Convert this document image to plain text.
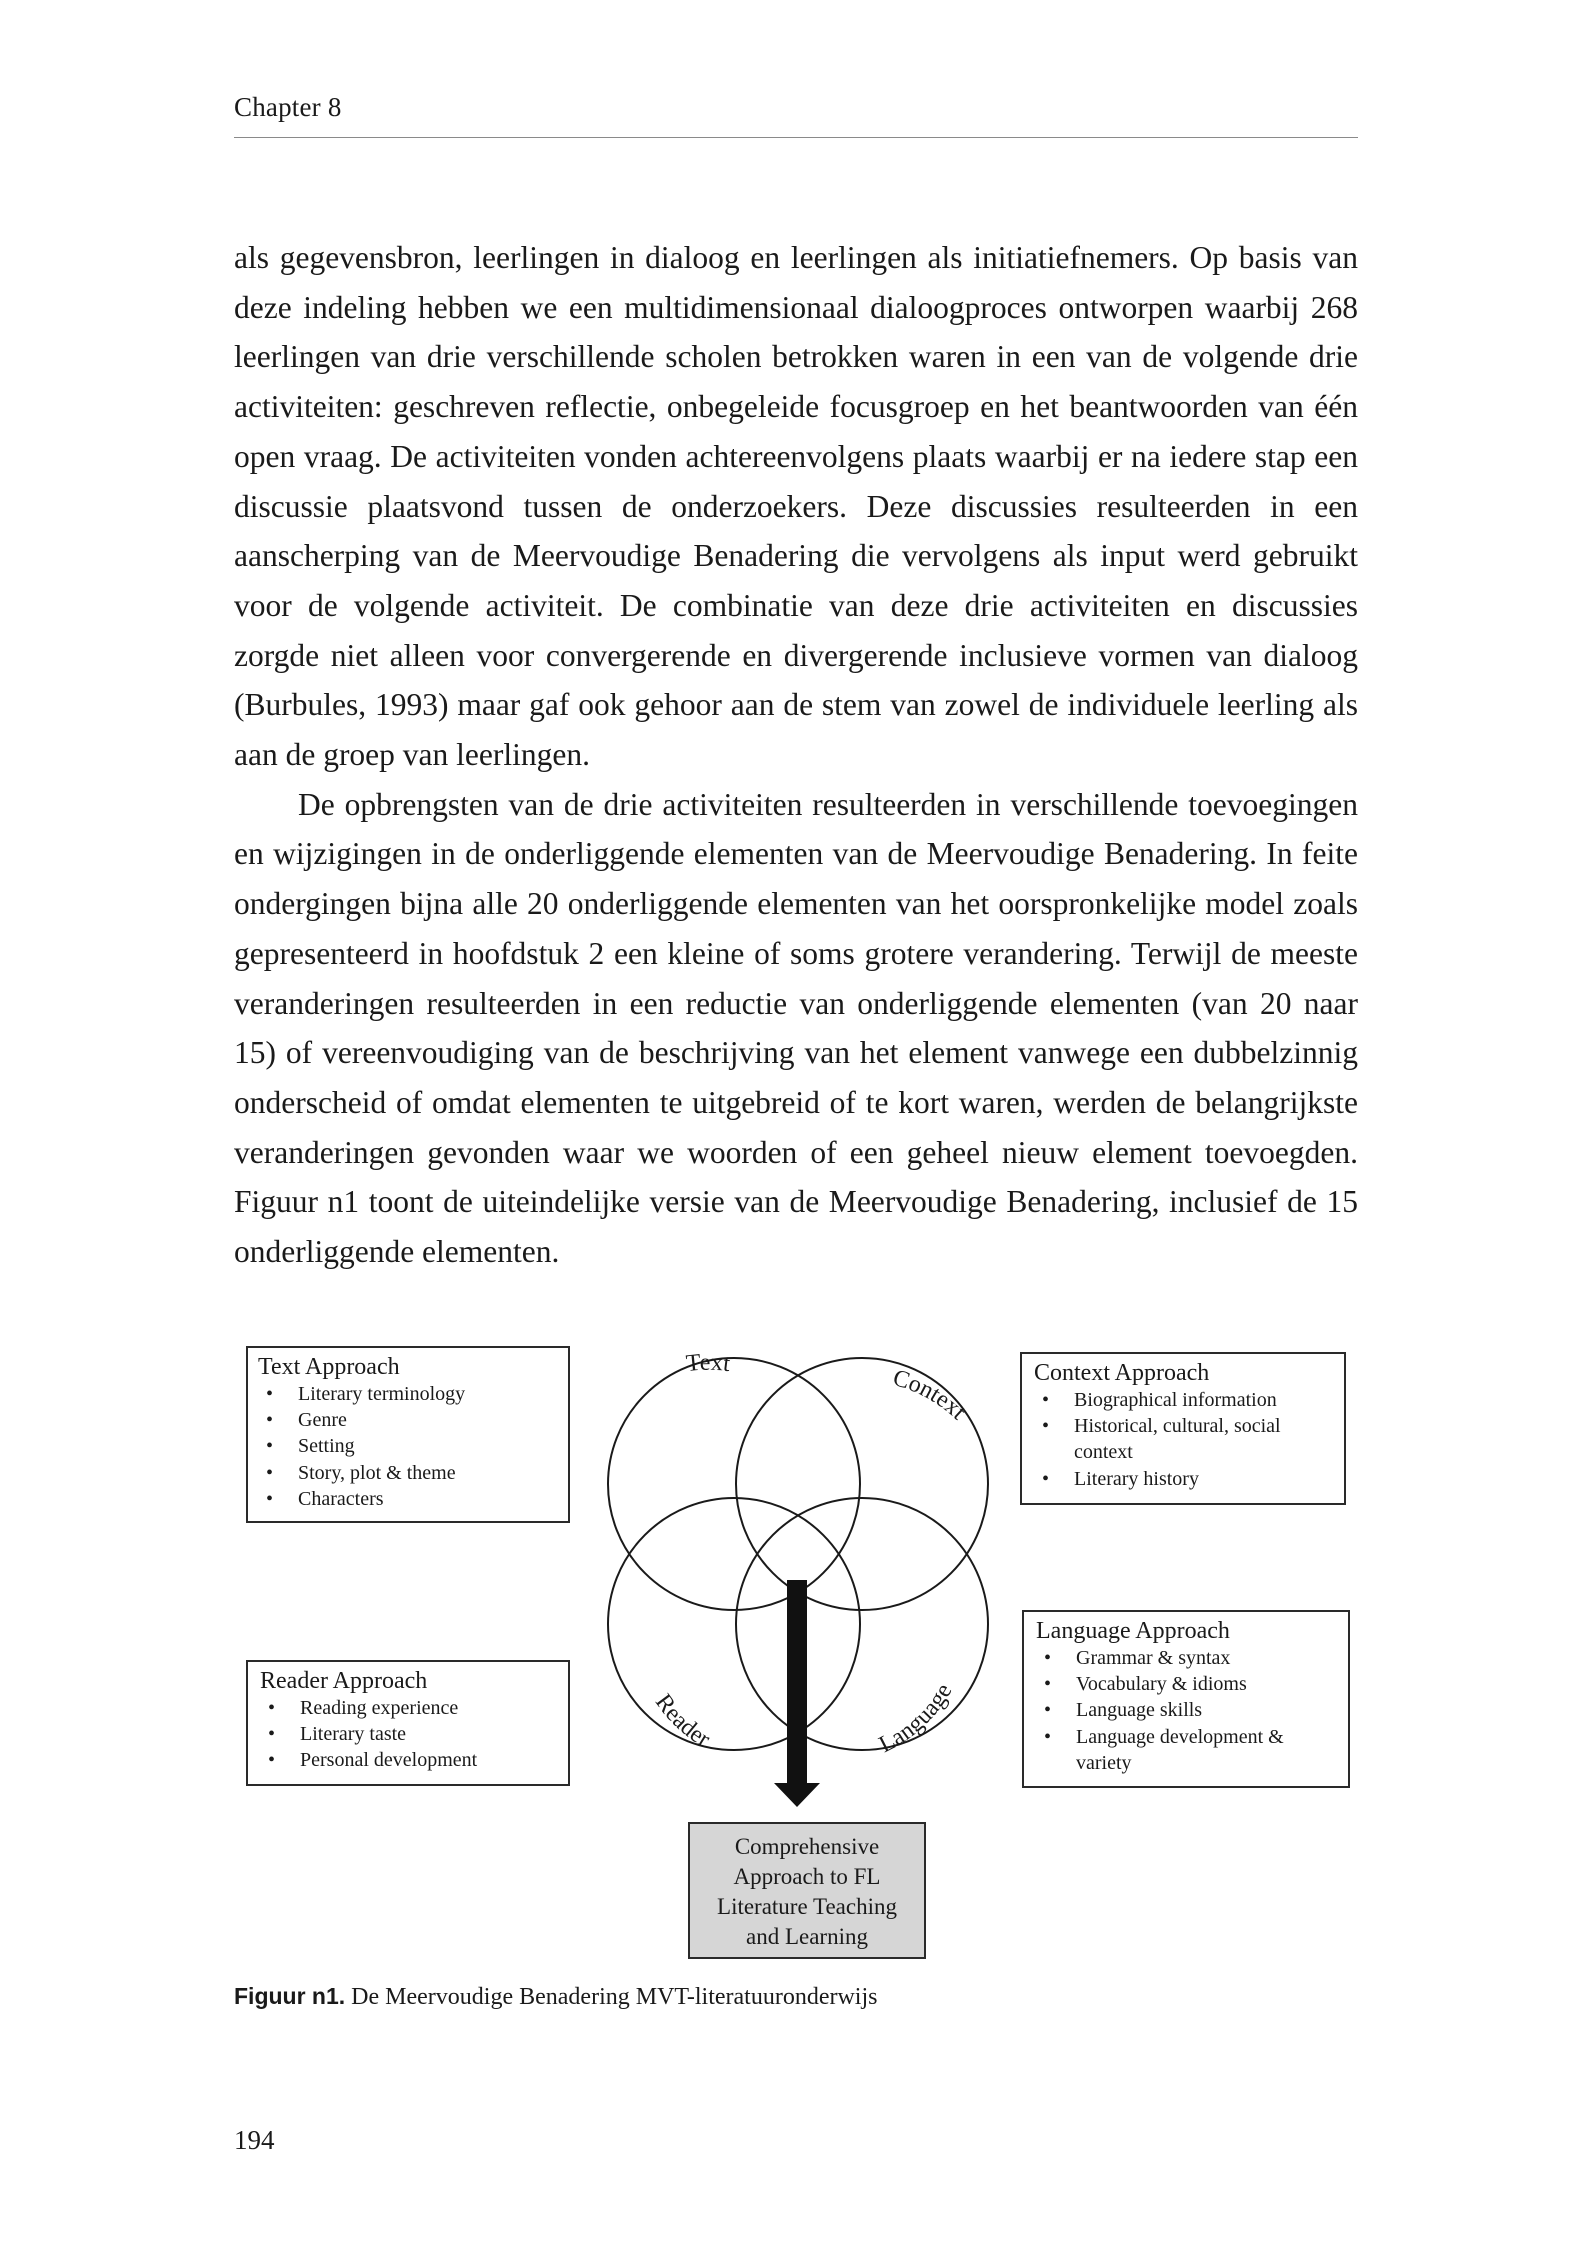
Chapter 8

als gegevensbron, leerlingen in dialoog en leerlingen als initiatiefnemers. Op basis van deze indeling hebben we een multidimensionaal dialoogproces ontworpen waarbij 268 leerlingen van drie verschillende scholen betrokken waren in een van de volgende drie activiteiten: geschreven reflectie, onbegeleide focusgroep en het beantwoorden van één open vraag. De activiteiten vonden achtereenvolgens plaats waarbij er na iedere stap een discussie plaatsvond tussen de onderzoekers. Deze discussies resulteerden in een aanscherping van de Meervoudige Benadering die vervolgens als input werd gebruikt voor de volgende activiteit. De combinatie van deze drie activiteiten en discussies zorgde niet alleen voor convergerende en divergerende inclusieve vormen van dialoog (Burbules, 1993) maar gaf ook gehoor aan de stem van zowel de individuele leerling als aan de groep van leerlingen.

De opbrengsten van de drie activiteiten resulteerden in verschillende toevoegingen en wijzigingen in de onderliggende elementen van de Meervoudige Benadering. In feite ondergingen bijna alle 20 onderliggende elementen van het oorspronkelijke model zoals gepresenteerd in hoofdstuk 2 een kleine of soms grotere verandering. Terwijl de meeste veranderingen resulteerden in een reductie van onderliggende elementen (van 20 naar 15) of vereenvoudiging van de beschrijving van het element vanwege een dubbelzinnig onderscheid of omdat elementen te uitgebreid of te kort waren, werden de belangrijkste veranderingen gevonden waar we woorden of een geheel nieuw element toevoegden. Figuur n1 toont de uiteindelijke versie van de Meervoudige Benadering, inclusief de 15 onderliggende elementen.

Text
Context
Reader	Language
Text Approach
• Literary terminology
• Genre
• Setting
• Story, plot & theme
• Characters
Context Approach
• Biographical information
• Historical, cultural, social context
• Literary history
Reader Approach
• Reading experience
• Literary taste
• Personal development
Language Approach
• Grammar & syntax
• Vocabulary & idioms
• Language skills
• Language development & variety
Comprehensive
Approach to FL
Literature Teaching
and Learning
Figuur n1. De Meervoudige Benadering MVT-literatuuronderwijs
194
